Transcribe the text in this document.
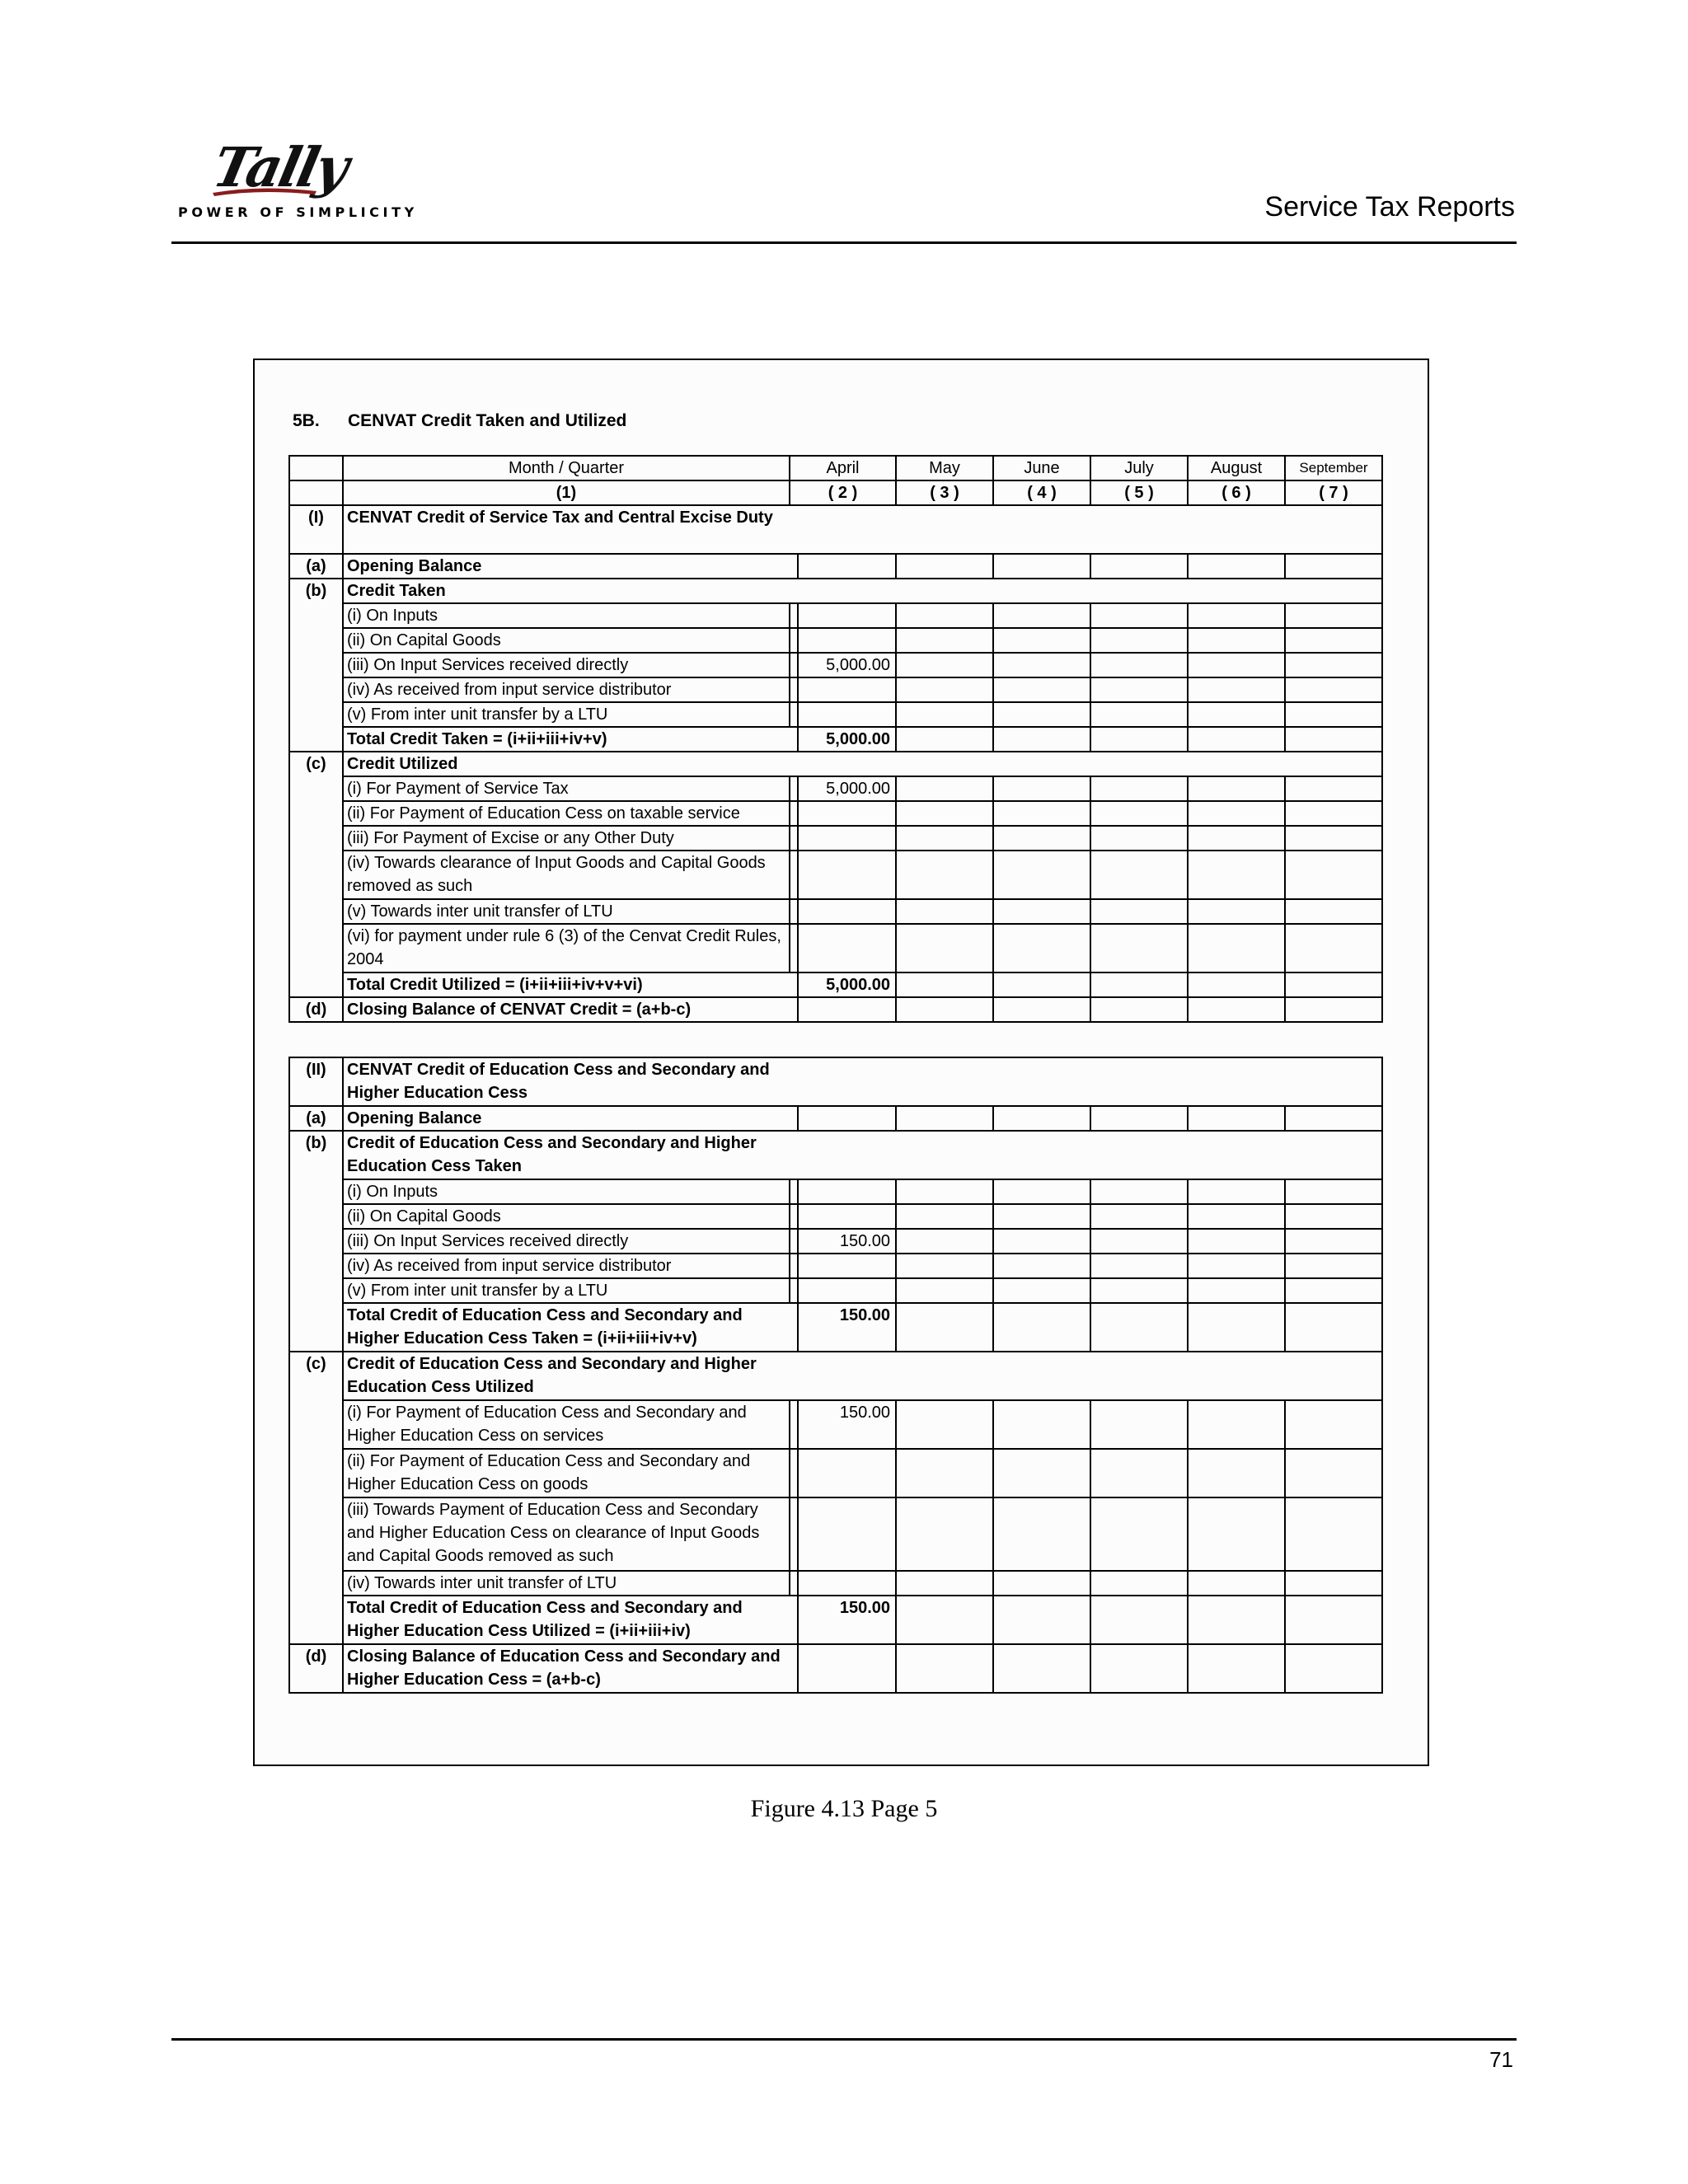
Tally
POWER OF SIMPLICITY	Service Tax Reports
5B. CENVAT Credit Taken and Utilized
	Month / Quarter	April		May	June	July	August	September
	(1)	( 2 )		( 3 )	( 4 )	( 5 )	( 6 )	( 7 )
(I)	CENVAT Credit of Service Tax and Central Excise Duty							

(a)	Opening Balance							
(b)	Credit Taken							
	(i) On Inputs							
	(ii) On Capital Goods							
	(iii) On Input Services received directly		5,000.00					
	(iv) As received from input service distributor							
	(v) From inter unit transfer by a LTU							
	Total Credit Taken = (i+ii+iii+iv+v)		5,000.00					
(c)	Credit Utilized							
	(i) For Payment of Service Tax		5,000.00					
	(ii) For Payment of Education Cess on taxable service							
	(iii) For Payment of Excise or any Other Duty							
	(iv) Towards clearance of Input Goods and Capital Goods removed as such							
	(v) Towards inter unit transfer of LTU							
	(vi) for payment under rule 6 (3) of the Cenvat Credit Rules, 2004							
	Total Credit Utilized = (i+ii+iii+iv+v+vi)		5,000.00					
(d)	Closing Balance of CENVAT Credit = (a+b-c)							
(II)	CENVAT Credit of Education Cess and Secondary and Higher Education Cess							

(a)	Opening Balance							
(b)	Credit of Education Cess and Secondary and Higher Education Cess Taken							

	(i) On Inputs							
	(ii) On Capital Goods							
	(iii) On Input Services received directly		150.00					
	(iv) As received from input service distributor							
	(v) From inter unit transfer by a LTU							
	Total Credit of Education Cess and Secondary and Higher Education Cess Taken = (i+ii+iii+iv+v)		150.00					
(c)	Credit of Education Cess and Secondary and Higher Education Cess Utilized							

	(i) For Payment of Education Cess and Secondary and Higher Education Cess on services		150.00					
	(ii) For Payment of Education Cess and Secondary and Higher Education Cess on goods							
	(iii) Towards Payment of Education Cess and Secondary and Higher Education Cess on clearance of Input Goods and Capital Goods removed as such							
	(iv) Towards inter unit transfer of LTU							
	Total Credit of Education Cess and Secondary and Higher Education Cess Utilized = (i+ii+iii+iv)		150.00					
(d)	Closing Balance of Education Cess and Secondary and Higher Education Cess = (a+b-c)							
Figure 4.13 Page 5
71
